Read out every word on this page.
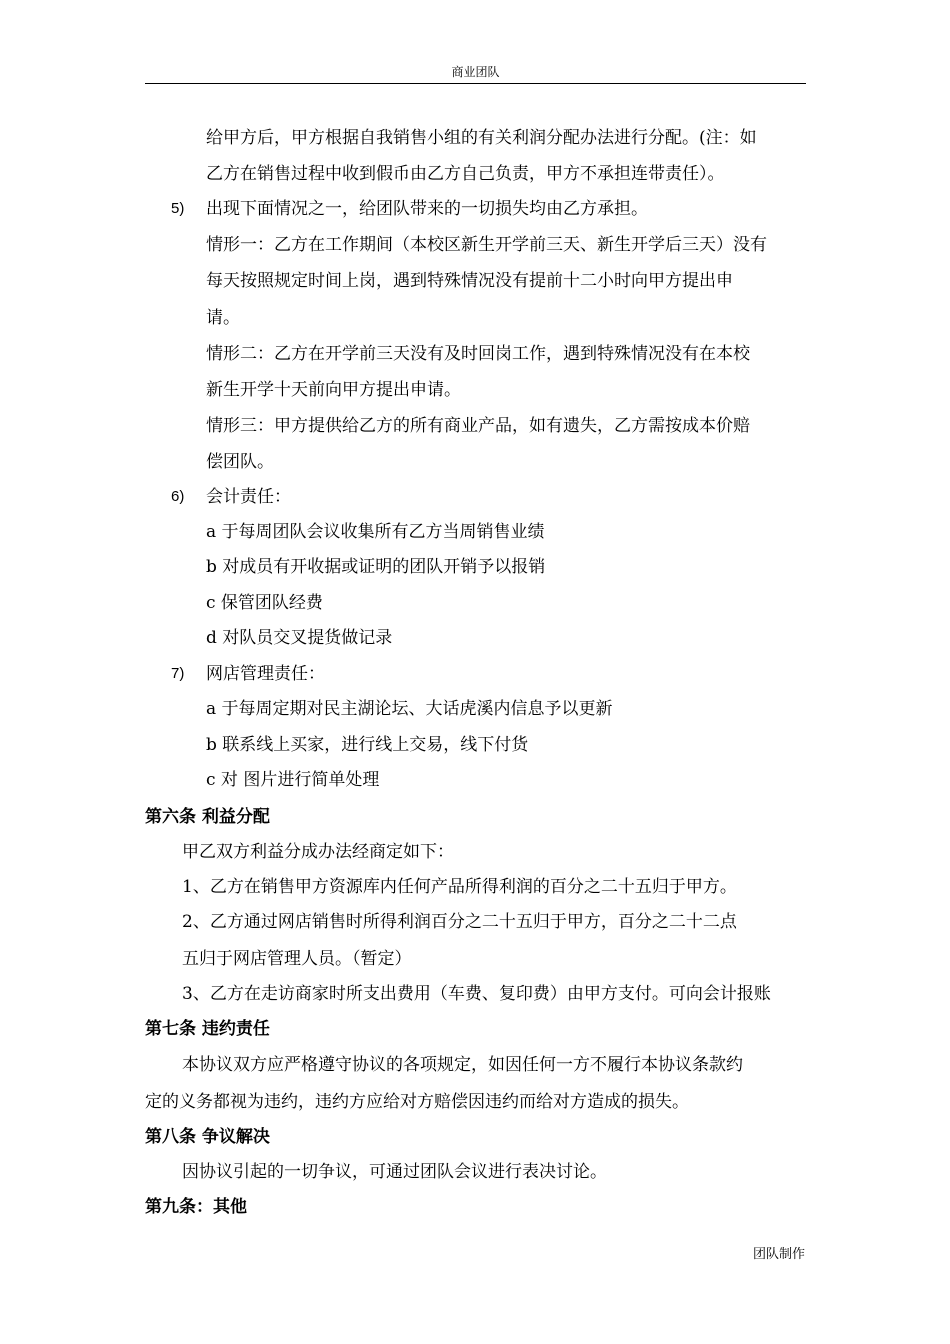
商业团队
给甲方后，甲方根据自我销售小组的有关利润分配办法进行分配。(注：如
乙方在销售过程中收到假币由乙方自己负责，甲方不承担连带责任）。
5) 出现下面情况之一，给团队带来的一切损失均由乙方承担。
情形一：乙方在工作期间（本校区新生开学前三天、新生开学后三天）没有
每天按照规定时间上岗，遇到特殊情况没有提前十二小时向甲方提出申
请。
情形二：乙方在开学前三天没有及时回岗工作，遇到特殊情况没有在本校
新生开学十天前向甲方提出申请。
情形三：甲方提供给乙方的所有商业产品，如有遗失，乙方需按成本价赔
偿团队。
6) 会计责任：
a 于每周团队会议收集所有乙方当周销售业绩
b 对成员有开收据或证明的团队开销予以报销
c 保管团队经费
d 对队员交叉提货做记录
7) 网店管理责任：
a 于每周定期对民主湖论坛、大话虎溪内信息予以更新
b 联系线上买家，进行线上交易，线下付货
c 对 图片进行简单处理
第六条 利益分配
甲乙双方利益分成办法经商定如下：
1、乙方在销售甲方资源库内任何产品所得利润的百分之二十五归于甲方。
2、乙方通过网店销售时所得利润百分之二十五归于甲方，百分之二十二点
五归于网店管理人员。（暂定）
3、乙方在走访商家时所支出费用（车费、复印费）由甲方支付。可向会计报账
第七条 违约责任
本协议双方应严格遵守协议的各项规定，如因任何一方不履行本协议条款约
定的义务都视为违约，违约方应给对方赔偿因违约而给对方造成的损失。
第八条 争议解决
因协议引起的一切争议，可通过团队会议进行表决讨论。
第九条：其他
团队制作
